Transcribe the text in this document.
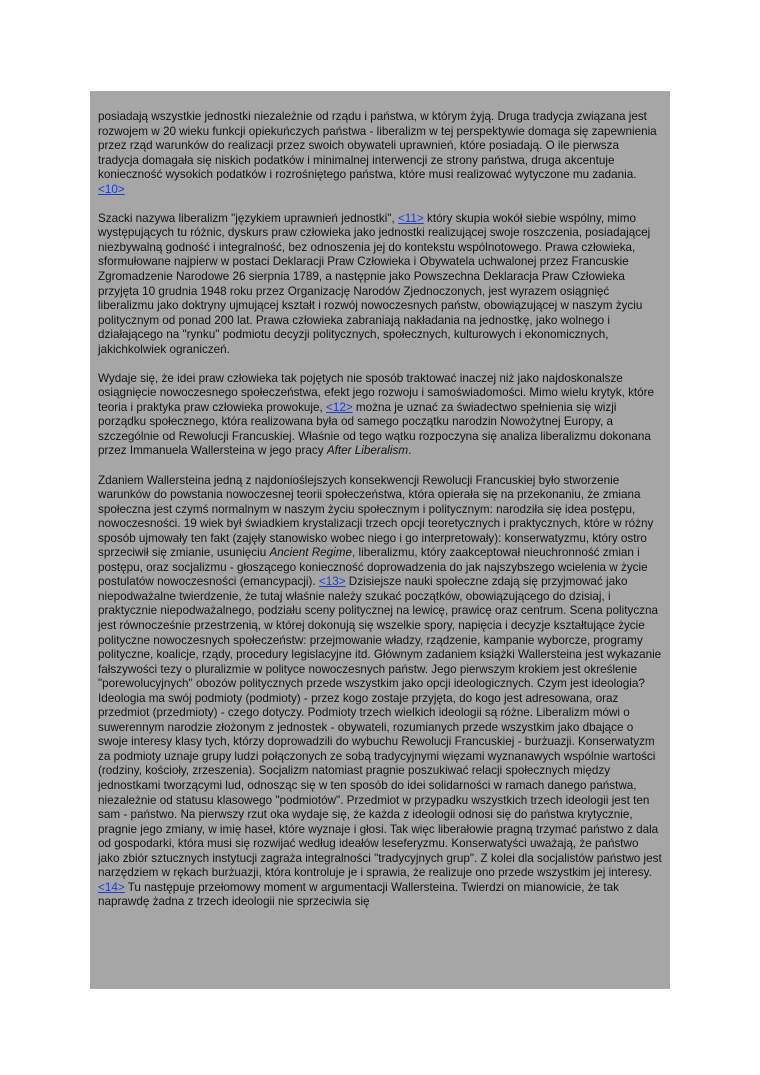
posiadają wszystkie jednostki niezależnie od rządu i państwa, w którym żyją. Druga tradycja związana jest rozwojem w 20 wieku funkcji opiekuńczych państwa - liberalizm w tej perspektywie domaga się zapewnienia przez rząd warunków do realizacji przez swoich obywateli uprawnień, które posiadają. O ile pierwsza tradycja domagała się niskich podatków i minimalnej interwencji ze strony państwa, druga akcentuje konieczność wysokich podatków i rozrośniętego państwa, które musi realizować wytyczone mu zadania. <10>

Szacki nazywa liberalizm "językiem uprawnień jednostki", <11> który skupia wokół siebie wspólny, mimo występujących tu różnic, dyskurs praw człowieka jako jednostki realizującej swoje roszczenia, posiadającej niezbywalną godność i integralność, bez odnoszenia jej do kontekstu wspólnotowego. Prawa człowieka, sformułowane najpierw w postaci Deklaracji Praw Człowieka i Obywatela uchwalonej przez Francuskie Zgromadzenie Narodowe 26 sierpnia 1789, a następnie jako Powszechna Deklaracja Praw Człowieka przyjęta 10 grudnia 1948 roku przez Organizację Narodów Zjednoczonych, jest wyrazem osiągnięć liberalizmu jako doktryny ujmującej kształt i rozwój nowoczesnych państw, obowiązującej w naszym życiu politycznym od ponad 200 lat. Prawa człowieka zabraniają nakładania na jednostkę, jako wolnego i działającego na "rynku" podmiotu decyzji politycznych, społecznych, kulturowych i ekonomicznych, jakichkolwiek ograniczeń.

Wydaje się, że idei praw człowieka tak pojętych nie sposób traktować inaczej niż jako najdoskonalsze osiągnięcie nowoczesnego społeczeństwa, efekt jego rozwoju i samoświadomości. Mimo wielu krytyk, które teoria i praktyka praw człowieka prowokuje, <12> można je uznać za świadectwo spełnienia się wizji porządku społecznego, która realizowana była od samego początku narodzin Nowożytnej Europy, a szczególnie od Rewolucji Francuskiej. Właśnie od tego wątku rozpoczyna się analiza liberalizmu dokonana przez Immanuela Wallersteina w jego pracy After Liberalism.

Zdaniem Wallersteina jedną z najdonioślejszych konsekwencji Rewolucji Francuskiej było stworzenie warunków do powstania nowoczesnej teorii społeczeństwa, która opierała się na przekonaniu, że zmiana społeczna jest czymś normalnym w naszym życiu społecznym i politycznym: narodziła się idea postępu, nowoczesności. 19 wiek był świadkiem krystalizacji trzech opcji teoretycznych i praktycznych, które w różny sposób ujmowały ten fakt (zajęły stanowisko wobec niego i go interpretowały): konserwatyzmu, który ostro sprzeciwił się zmianie, usunięciu Ancient Regime, liberalizmu, który zaakceptował nieuchronność zmian i postępu, oraz socjalizmu - głoszącego konieczność doprowadzenia do jak najszybszego wcielenia w życie postulatów nowoczesności (emancypacji). <13> Dzisiejsze nauki społeczne zdają się przyjmować jako niepodważalne twierdzenie, że tutaj właśnie należy szukać początków, obowiązującego do dzisiaj, i praktycznie niepodważalnego, podziału sceny politycznej na lewicę, prawicę oraz centrum. Scena polityczna jest równocześnie przestrzenią, w której dokonują się wszelkie spory, napięcia i decyzje kształtujące życie polityczne nowoczesnych społeczeństw: przejmowanie władzy, rządzenie, kampanie wyborcze, programy polityczne, koalicje, rządy, procedury legislacyjne itd. Głównym zadaniem książki Wallersteina jest wykazanie fałszywości tezy o pluralizmie w polityce nowoczesnych państw. Jego pierwszym krokiem jest określenie "porewolucyjnych" obozów politycznych przede wszystkim jako opcji ideologicznych. Czym jest ideologia? Ideologia ma swój podmioty (podmioty) - przez kogo zostaje przyjęta, do kogo jest adresowana, oraz przedmiot (przedmioty) - czego dotyczy. Podmioty trzech wielkich ideologii są różne. Liberalizm mówi o suwerennym narodzie złożonym z jednostek - obywateli, rozumianych przede wszystkim jako dbające o swoje interesy klasy tych, którzy doprowadzili do wybuchu Rewolucji Francuskiej - burżuazji. Konserwatyzm za podmioty uznaje grupy ludzi połączonych ze sobą tradycyjnymi więzami wyznanawych wspólnie wartości (rodziny, kościoły, zrzeszenia). Socjalizm natomiast pragnie poszukiwać relacji społecznych między jednostkami tworzącymi lud, odnosząc się w ten sposób do idei solidarności w ramach danego państwa, niezależnie od statusu klasowego "podmiotów". Przedmiot w przypadku wszystkich trzech ideologii jest ten sam - państwo. Na pierwszy rzut oka wydaje się, że każda z ideologii odnosi się do państwa krytycznie, pragnie jego zmiany, w imię haseł, które wyznaje i głosi. Tak więc liberałowie pragną trzymać państwo z dala od gospodarki, która musi się rozwijać według ideałów leseferyzmu. Konserwatyści uważają, że państwo jako zbiór sztucznych instytucji zagraża integralności "tradycyjnych grup". Z kolei dla socjalistów państwo jest narzędziem w rękach burżuazji, która kontroluje je i sprawia, że realizuje ono przede wszystkim jej interesy. <14> Tu następuje przełomowy moment w argumentacji Wallersteina. Twierdzi on mianowicie, że tak naprawdę żadna z trzech ideologii nie sprzeciwia się
